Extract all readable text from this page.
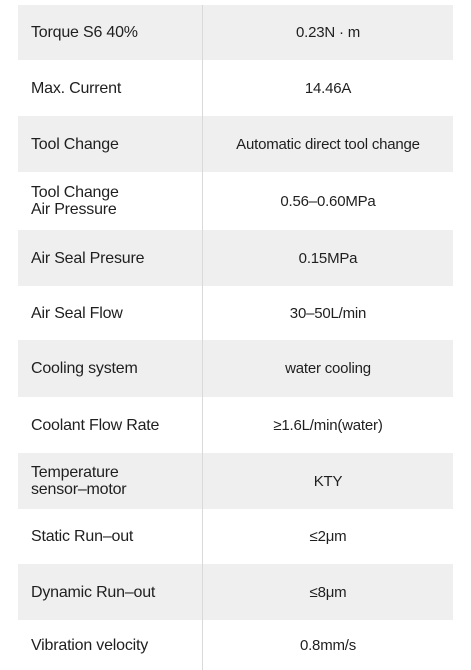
Torque S6 40%	0.23N · m
Max. Current	14.46A
Tool Change	Automatic direct tool change
Tool Change
Air Pressure	0.56–0.60MPa
Air Seal Presure	0.15MPa
Air Seal Flow	30–50L/min
Cooling system	water cooling
Coolant Flow Rate	≥1.6L/min(water)
Temperature
sensor–motor	KTY
Static Run–out	≤2μm
Dynamic Run–out	≤8μm
Vibration velocity	0.8mm/s
